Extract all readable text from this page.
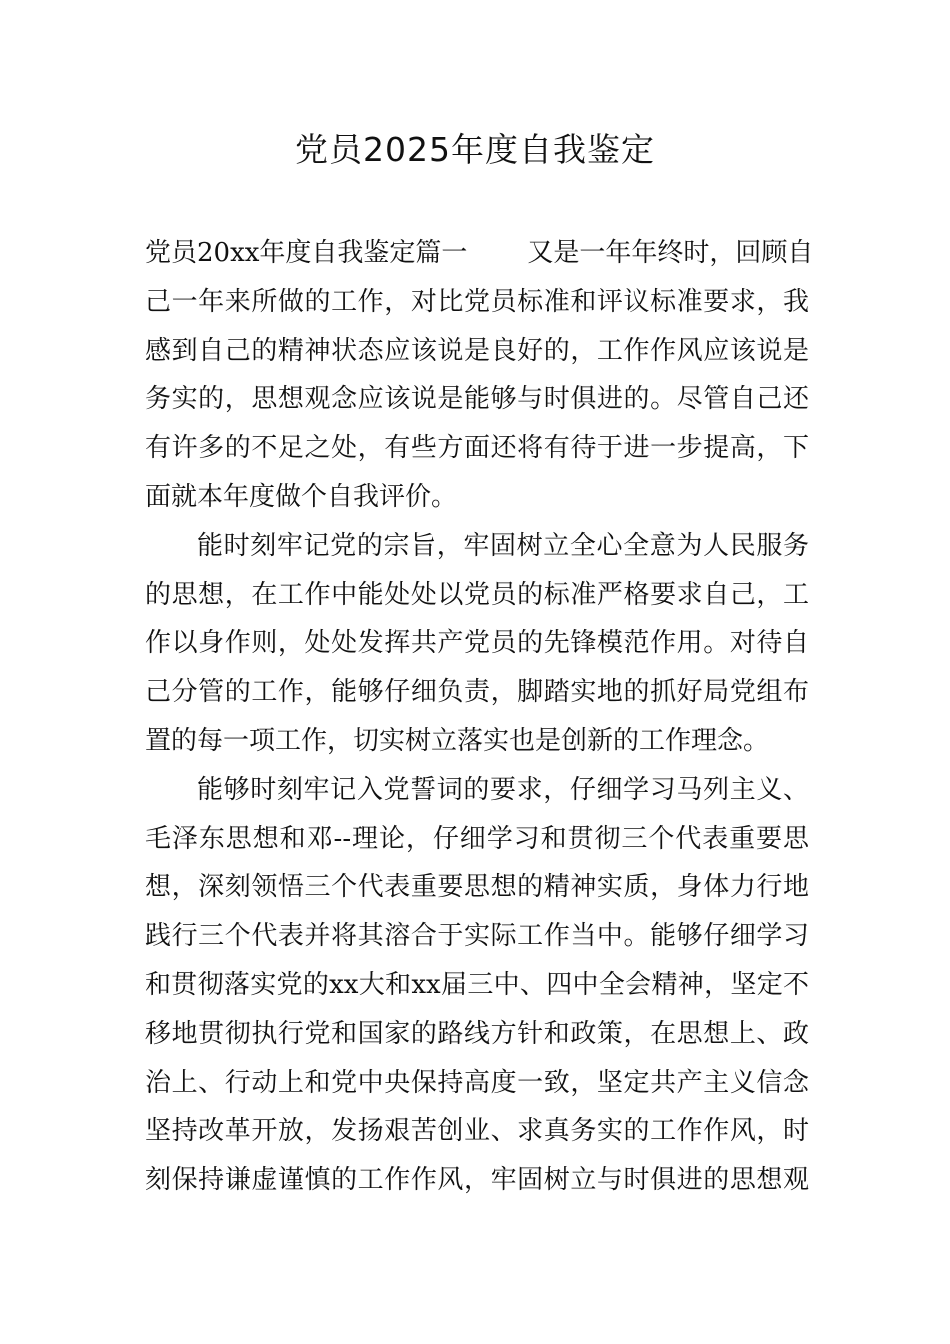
党员2025年度自我鉴定
党员20xx年度自我鉴定篇一 又是一年年终时，回顾自
己一年来所做的工作，对比党员标准和评议标准要求，我
感到自己的精神状态应该说是良好的，工作作风应该说是
务实的，思想观念应该说是能够与时俱进的。尽管自己还
有许多的不足之处，有些方面还将有待于进一步提高，下
面就本年度做个自我评价。
能时刻牢记党的宗旨，牢固树立全心全意为人民服务
的思想，在工作中能处处以党员的标准严格要求自己，工
作以身作则，处处发挥共产党员的先锋模范作用。对待自
己分管的工作，能够仔细负责，脚踏实地的抓好局党组布
置的每一项工作，切实树立落实也是创新的工作理念。
能够时刻牢记入党誓词的要求，仔细学习马列主义、
毛泽东思想和邓--理论，仔细学习和贯彻三个代表重要思
想，深刻领悟三个代表重要思想的精神实质，身体力行地
践行三个代表并将其溶合于实际工作当中。能够仔细学习
和贯彻落实党的xx大和xx届三中、四中全会精神，坚定不
移地贯彻执行党和国家的路线方针和政策，在思想上、政
治上、行动上和党中央保持高度一致，坚定共产主义信念
坚持改革开放，发扬艰苦创业、求真务实的工作作风，时
刻保持谦虚谨慎的工作作风，牢固树立与时俱进的思想观
